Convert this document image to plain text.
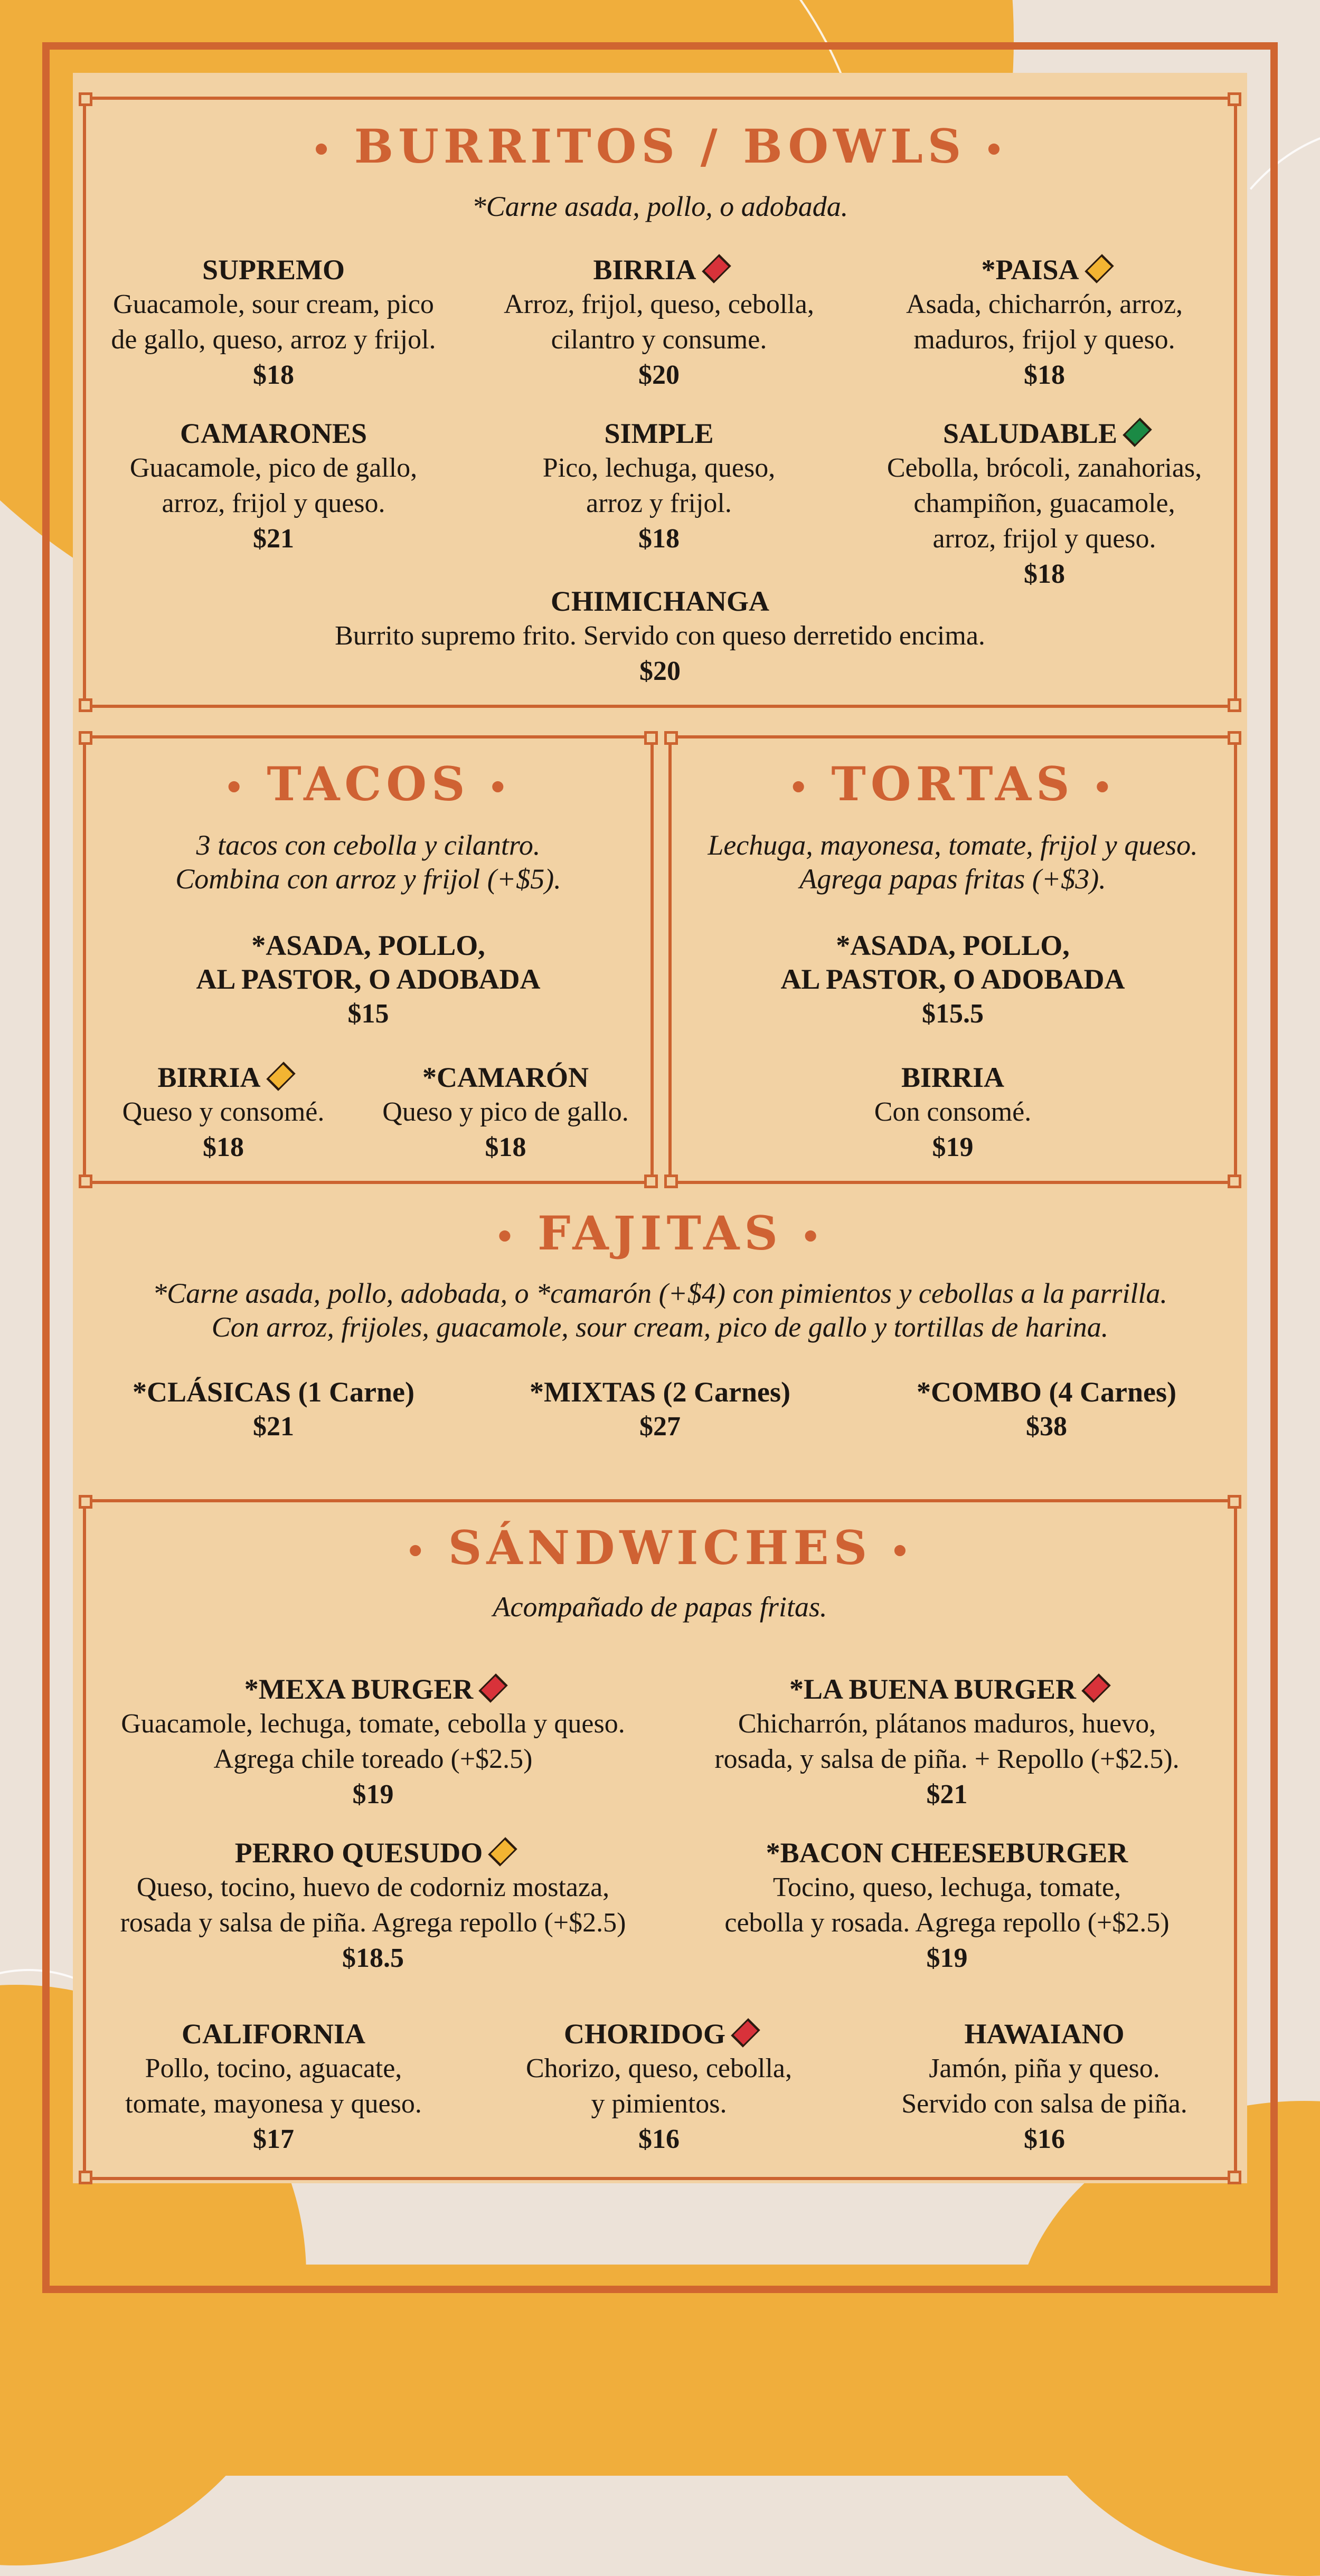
• BURRITOS / BOWLS •
*Carne asada, pollo, o adobada.
SUPREMO
Guacamole, sour cream, pico
de gallo, queso, arroz y frijol.
$18
BIRRIA
Arroz, frijol, queso, cebolla,
cilantro y consume.
$20
*PAISA
Asada, chicharrón, arroz,
maduros, frijol y queso.
$18
CAMARONES
Guacamole, pico de gallo,
arroz, frijol y queso.
$21
SIMPLE
Pico, lechuga, queso,
arroz y frijol.
$18
SALUDABLE
Cebolla, brócoli, zanahorias,
champiñon, guacamole,
arroz, frijol y queso.
$18
CHIMICHANGA
Burrito supremo frito. Servido con queso derretido encima.
$20
• TACOS •
3 tacos con cebolla y cilantro.
Combina con arroz y frijol (+$5).
*ASADA, POLLO,
AL PASTOR, O ADOBADA
$15
BIRRIA
Queso y consomé.
$18
*CAMARÓN
Queso y pico de gallo.
$18
• TORTAS •
Lechuga, mayonesa, tomate, frijol y queso.
Agrega papas fritas (+$3).
*ASADA, POLLO,
AL PASTOR, O ADOBADA
$15.5
BIRRIA
Con consomé.
$19
• FAJITAS •
*Carne asada, pollo, adobada, o *camarón (+$4) con pimientos y cebollas a la parrilla.
Con arroz, frijoles, guacamole, sour cream, pico de gallo y tortillas de harina.
*CLÁSICAS (1 Carne)
$21
*MIXTAS (2 Carnes)
$27
*COMBO (4 Carnes)
$38
• SÁNDWICHES •
Acompañado de papas fritas.
*MEXA BURGER
Guacamole, lechuga, tomate, cebolla y queso.
Agrega chile toreado (+$2.5)
$19
*LA BUENA BURGER
Chicharrón, plátanos maduros, huevo,
rosada, y salsa de piña. + Repollo (+$2.5).
$21
PERRO QUESUDO
Queso, tocino, huevo de codorniz mostaza,
rosada y salsa de piña. Agrega repollo (+$2.5)
$18.5
*BACON CHEESEBURGER
Tocino, queso, lechuga, tomate,
cebolla y rosada. Agrega repollo (+$2.5)
$19
CALIFORNIA
Pollo, tocino, aguacate,
tomate, mayonesa y queso.
$17
CHORIDOG
Chorizo, queso, cebolla,
y pimientos.
$16
HAWAIANO
Jamón, piña y queso.
Servido con salsa de piña.
$16
